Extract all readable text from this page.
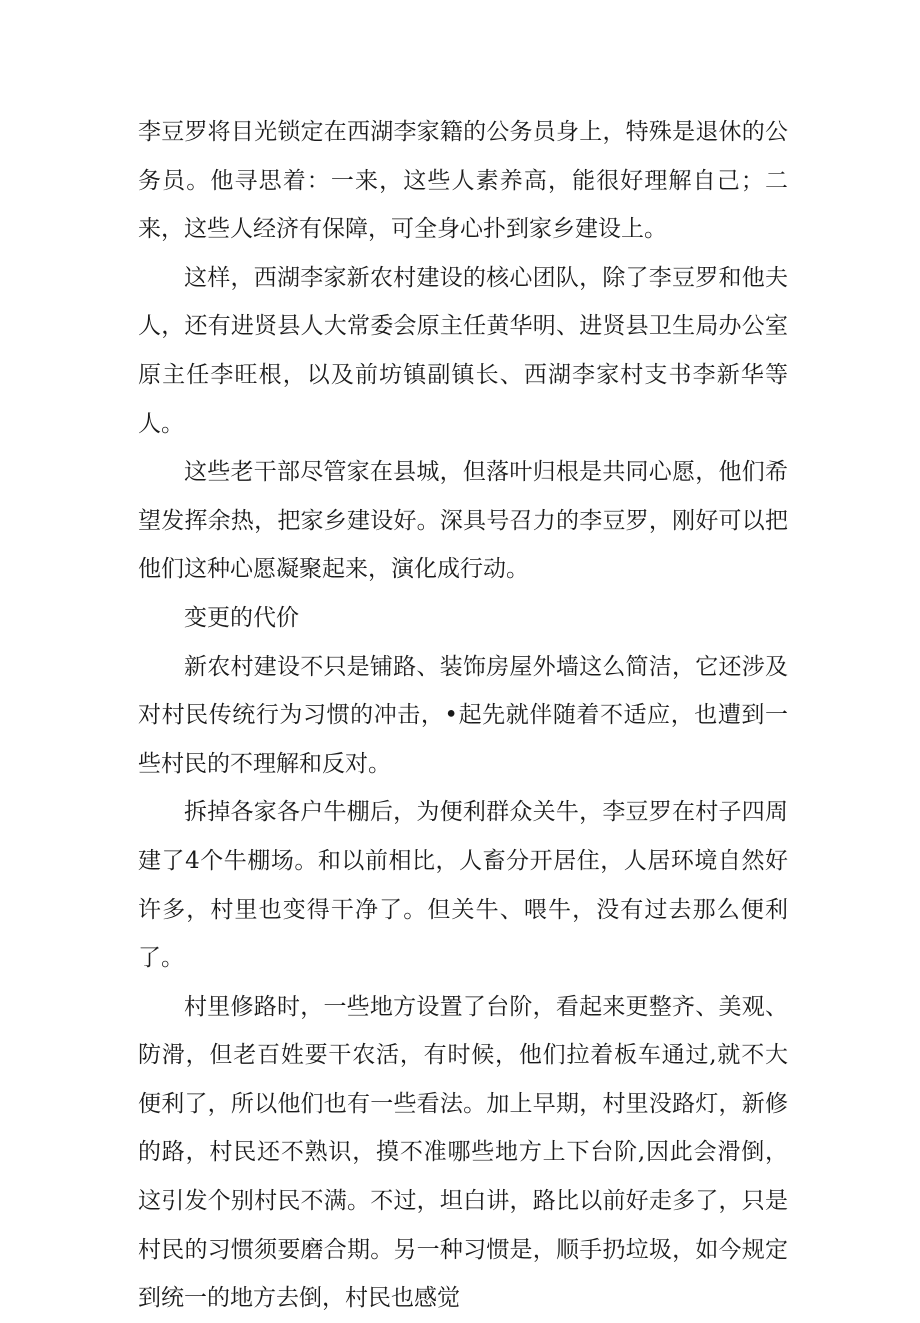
李豆罗将目光锁定在西湖李家籍的公务员身上，特殊是退休的公务员。他寻思着：一来，这些人素养高，能很好理解自己；二来，这些人经济有保障，可全身心扑到家乡建设上。

这样，西湖李家新农村建设的核心团队，除了李豆罗和他夫人，还有进贤县人大常委会原主任黄华明、进贤县卫生局办公室原主任李旺根，以及前坊镇副镇长、西湖李家村支书李新华等人。

这些老干部尽管家在县城，但落叶归根是共同心愿，他们希望发挥余热，把家乡建设好。深具号召力的李豆罗，刚好可以把他们这种心愿凝聚起来，演化成行动。

变更的代价

新农村建设不只是铺路、装饰房屋外墙这么简洁，它还涉及对村民传统行为习惯的冲击，•起先就伴随着不适应，也遭到一些村民的不理解和反对。

拆掉各家各户牛棚后，为便利群众关牛，李豆罗在村子四周建了4个牛棚场。和以前相比，人畜分开居住，人居环境自然好许多，村里也变得干净了。但关牛、喂牛，没有过去那么便利了。

村里修路时，一些地方设置了台阶，看起来更整齐、美观、防滑，但老百姓要干农活，有时候，他们拉着板车通过,就不大便利了，所以他们也有一些看法。加上早期，村里没路灯，新修的路，村民还不熟识，摸不准哪些地方上下台阶,因此会滑倒，这引发个别村民不满。不过，坦白讲，路比以前好走多了，只是村民的习惯须要磨合期。另一种习惯是，顺手扔垃圾，如今规定到统一的地方去倒，村民也感觉
